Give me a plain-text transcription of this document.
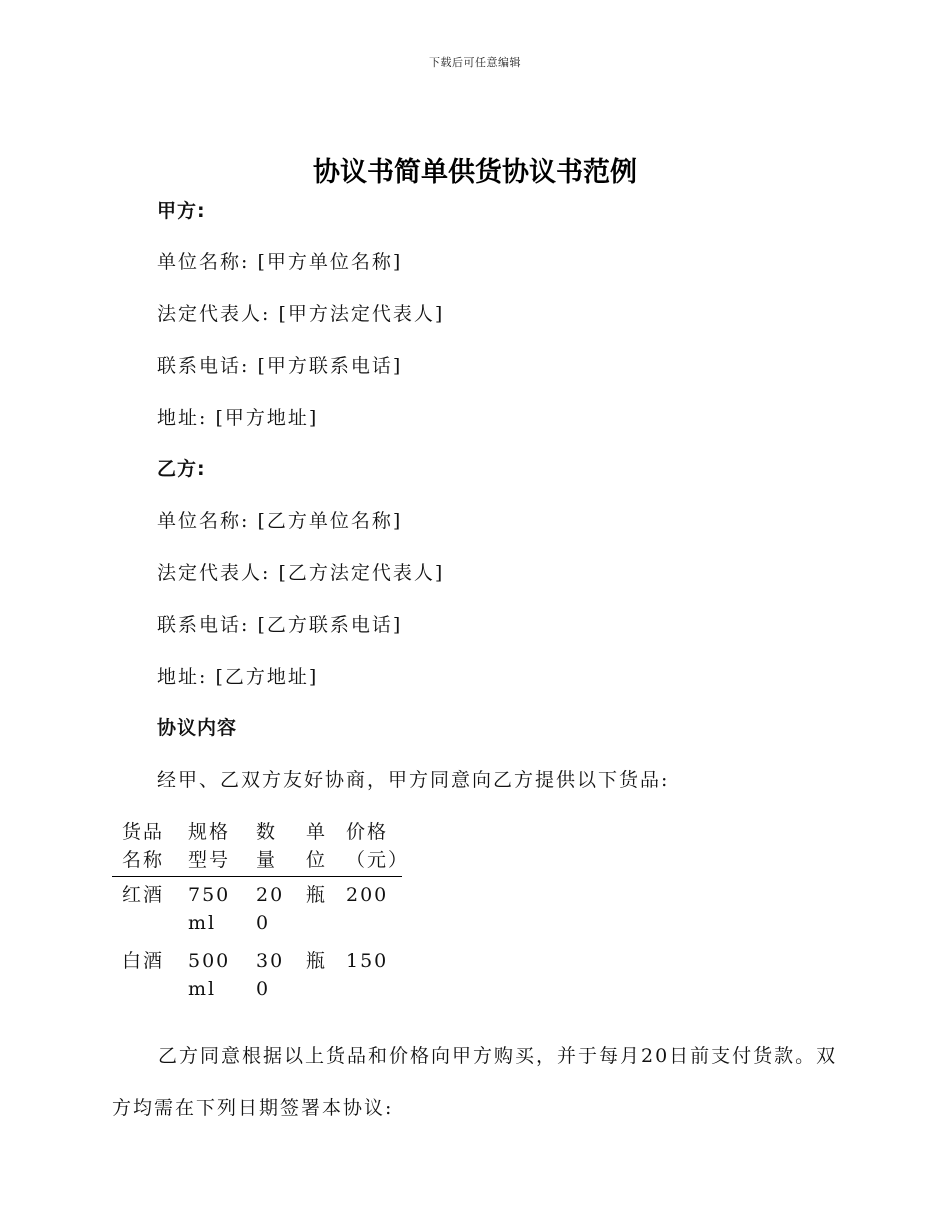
下载后可任意编辑
协议书简单供货协议书范例
甲方:
单位名称: [甲方单位名称]
法定代表人: [甲方法定代表人]
联系电话: [甲方联系电话]
地址: [甲方地址]
乙方:
单位名称: [乙方单位名称]
法定代表人: [乙方法定代表人]
联系电话: [乙方联系电话]
地址: [乙方地址]
协议内容
经甲、乙双方友好协商，甲方同意向乙方提供以下货品:
货品名称	规格型号	数量	单位	价格（元）
红酒	750ml	200	瓶	200
白酒	500ml	300	瓶	150

乙方同意根据以上货品和价格向甲方购买，并于每月20日前支付货款。双方均需在下列日期签署本协议:
